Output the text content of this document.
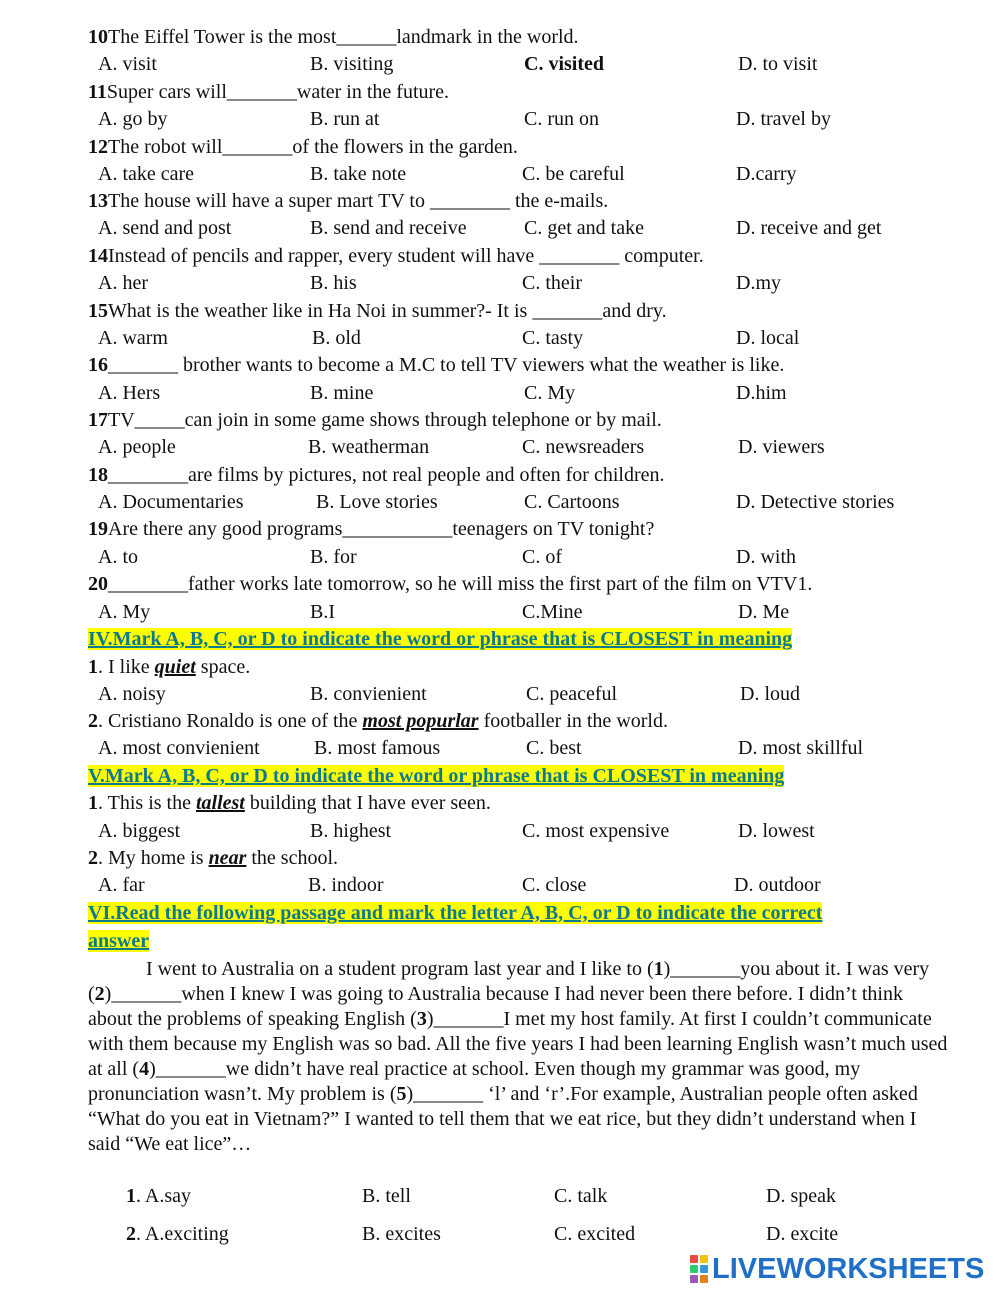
10The Eiffel Tower is the most______landmark in the world.
A. visit	B. visiting	C. visited	D. to visit
11Super cars will_______water in the future.
A. go by	B. run at	C. run on	D. travel by
12The robot will_______of the flowers in the garden.
A. take care	B. take note	C. be careful	D.carry
13The house will have a super mart TV to ________ the e-mails.
A. send and post	B. send and receive	C. get and take	D. receive and get
14Instead of pencils and rapper, every student will have ________ computer.
A. her	B. his	C. their	D.my
15What is the weather like in Ha Noi in summer?- It is _______and dry.
A. warm	B. old	C. tasty	D. local
16_______ brother wants to become a M.C to tell TV viewers what the weather is like.
A. Hers	B. mine	C. My	D.him
17TV_____can join in some game shows through telephone or by mail.
A. people	B. weatherman	C. newsreaders	D. viewers
18________are films by pictures, not real people and often for children.
A. Documentaries	B. Love stories	C. Cartoons	D. Detective stories
19Are there any good programs___________teenagers on TV tonight?
A. to	B. for	C. of	D. with
20________father works late tomorrow, so he will miss the first part of the film on VTV1.
A. My	B.I	C.Mine	D. Me
IV.Mark A, B, C, or D to indicate the word or phrase that is CLOSEST in meaning
1. I like quiet space.
A. noisy	B. convienient	C. peaceful	D. loud
2. Cristiano Ronaldo is one of the most popurlar footballer in the world.
A. most convienient	B. most famous	C. best	D. most skillful
V.Mark A, B, C, or D to indicate the word or phrase that is CLOSEST in meaning
1. This is the tallest building that I have ever seen.
A. biggest	B. highest	C. most expensive	D. lowest
2. My home is near the school.
A. far	B. indoor	C. close	D. outdoor
VI.Read the following passage and mark the letter A, B, C, or D to indicate the correct
answer
I went to Australia on a student program last year and I like to (1)_______you about it. I was very (2)_______when I knew I was going to Australia because I had never been there before. I didn’t think about the problems of speaking English (3)_______I met my host family. At first I couldn’t communicate with them because my English was so bad. All the five years I had been learning English wasn’t much used at all (4)_______we didn’t have real practice at school. Even though my grammar was good, my pronunciation wasn’t. My problem is (5)_______ ‘l’ and ‘r’.For example, Australian people often asked “What do you eat in Vietnam?” I wanted to tell them that we eat rice, but they didn’t understand when I said “We eat lice”…
1. A.say	B. tell	C. talk	D. speak
2. A.exciting	B. excites	C. excited	D. excite
LIVEWORKSHEETS
